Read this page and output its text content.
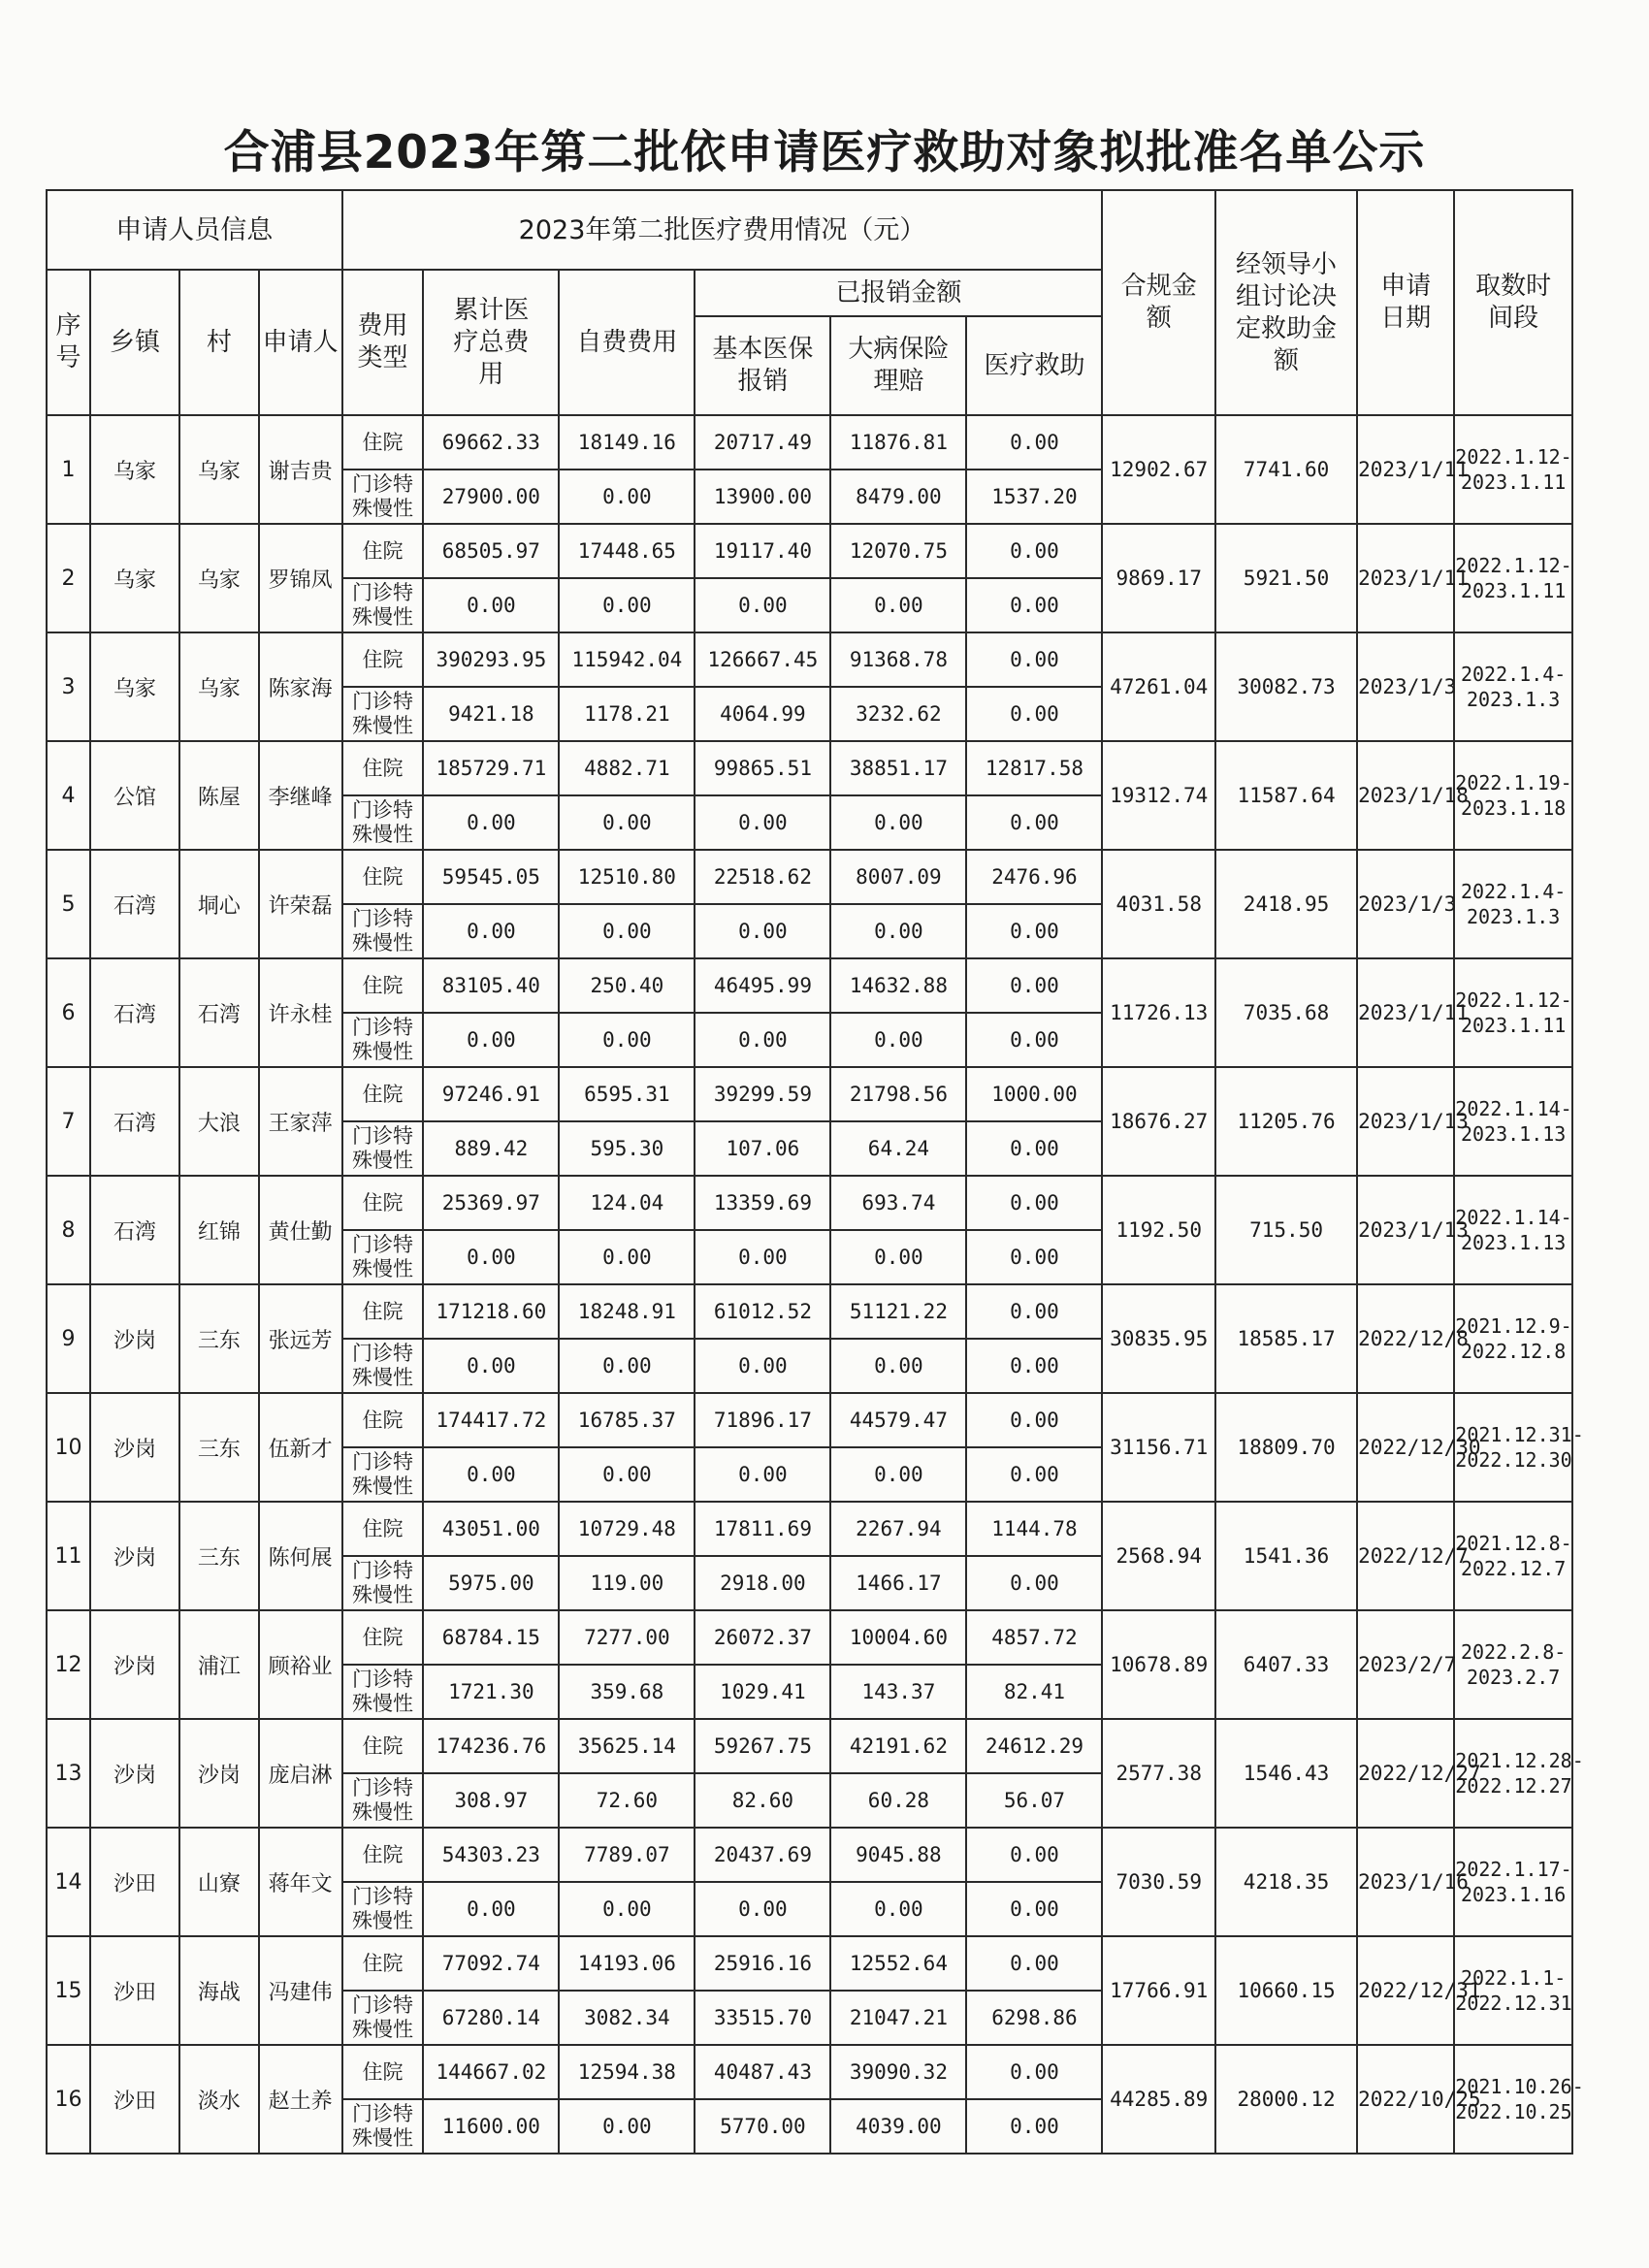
合浦县2023年第二批依申请医疗救助对象拟批准名单公示
申请人员信息				2023年第二批医疗费用情况（元）						合规金额	经领导小组讨论决定救助金额	申请日期	取数时间段
序号	乡镇	村	申请人	费用类型	累计医疗总费用	自费费用	已报销金额						
							基本医保报销	大病保险理赔	医疗救助				
1	乌家	乌家	谢吉贵	住院	69662.33	18149.16	20717.49	11876.81	0.00	12902.67	7741.60	2023/1/11	2022.1.12-
2023.1.11

				门诊特殊慢性	27900.00	0.00	13900.00	8479.00	1537.20				
2	乌家	乌家	罗锦凤	住院	68505.97	17448.65	19117.40	12070.75	0.00	9869.17	5921.50	2023/1/11	2022.1.12-
2023.1.11

				门诊特殊慢性	0.00	0.00	0.00	0.00	0.00				
3	乌家	乌家	陈家海	住院	390293.95	115942.04	126667.45	91368.78	0.00	47261.04	30082.73	2023/1/3	2022.1.4-
2023.1.3

				门诊特殊慢性	9421.18	1178.21	4064.99	3232.62	0.00				
4	公馆	陈屋	李继峰	住院	185729.71	4882.71	99865.51	38851.17	12817.58	19312.74	11587.64	2023/1/18	2022.1.19-
2023.1.18

				门诊特殊慢性	0.00	0.00	0.00	0.00	0.00				
5	石湾	垌心	许荣磊	住院	59545.05	12510.80	22518.62	8007.09	2476.96	4031.58	2418.95	2023/1/3	2022.1.4-
2023.1.3

				门诊特殊慢性	0.00	0.00	0.00	0.00	0.00				
6	石湾	石湾	许永桂	住院	83105.40	250.40	46495.99	14632.88	0.00	11726.13	7035.68	2023/1/11	2022.1.12-
2023.1.11

				门诊特殊慢性	0.00	0.00	0.00	0.00	0.00				
7	石湾	大浪	王家萍	住院	97246.91	6595.31	39299.59	21798.56	1000.00	18676.27	11205.76	2023/1/13	2022.1.14-
2023.1.13

				门诊特殊慢性	889.42	595.30	107.06	64.24	0.00				
8	石湾	红锦	黄仕勤	住院	25369.97	124.04	13359.69	693.74	0.00	1192.50	715.50	2023/1/13	2022.1.14-
2023.1.13

				门诊特殊慢性	0.00	0.00	0.00	0.00	0.00				
9	沙岗	三东	张远芳	住院	171218.60	18248.91	61012.52	51121.22	0.00	30835.95	18585.17	2022/12/8	2021.12.9-
2022.12.8

				门诊特殊慢性	0.00	0.00	0.00	0.00	0.00				
10	沙岗	三东	伍新才	住院	174417.72	16785.37	71896.17	44579.47	0.00	31156.71	18809.70	2022/12/30	2021.12.31-
2022.12.30

				门诊特殊慢性	0.00	0.00	0.00	0.00	0.00				
11	沙岗	三东	陈何展	住院	43051.00	10729.48	17811.69	2267.94	1144.78	2568.94	1541.36	2022/12/7	2021.12.8-
2022.12.7

				门诊特殊慢性	5975.00	119.00	2918.00	1466.17	0.00				
12	沙岗	浦江	顾裕业	住院	68784.15	7277.00	26072.37	10004.60	4857.72	10678.89	6407.33	2023/2/7	2022.2.8-
2023.2.7

				门诊特殊慢性	1721.30	359.68	1029.41	143.37	82.41				
13	沙岗	沙岗	庞启淋	住院	174236.76	35625.14	59267.75	42191.62	24612.29	2577.38	1546.43	2022/12/27	2021.12.28-
2022.12.27

				门诊特殊慢性	308.97	72.60	82.60	60.28	56.07				
14	沙田	山寮	蒋年文	住院	54303.23	7789.07	20437.69	9045.88	0.00	7030.59	4218.35	2023/1/16	2022.1.17-
2023.1.16

				门诊特殊慢性	0.00	0.00	0.00	0.00	0.00				
15	沙田	海战	冯建伟	住院	77092.74	14193.06	25916.16	12552.64	0.00	17766.91	10660.15	2022/12/31	2022.1.1-
2022.12.31

				门诊特殊慢性	67280.14	3082.34	33515.70	21047.21	6298.86				
16	沙田	淡水	赵土养	住院	144667.02	12594.38	40487.43	39090.32	0.00	44285.89	28000.12	2022/10/25	2021.10.26-
2022.10.25

				门诊特殊慢性	11600.00	0.00	5770.00	4039.00	0.00				
